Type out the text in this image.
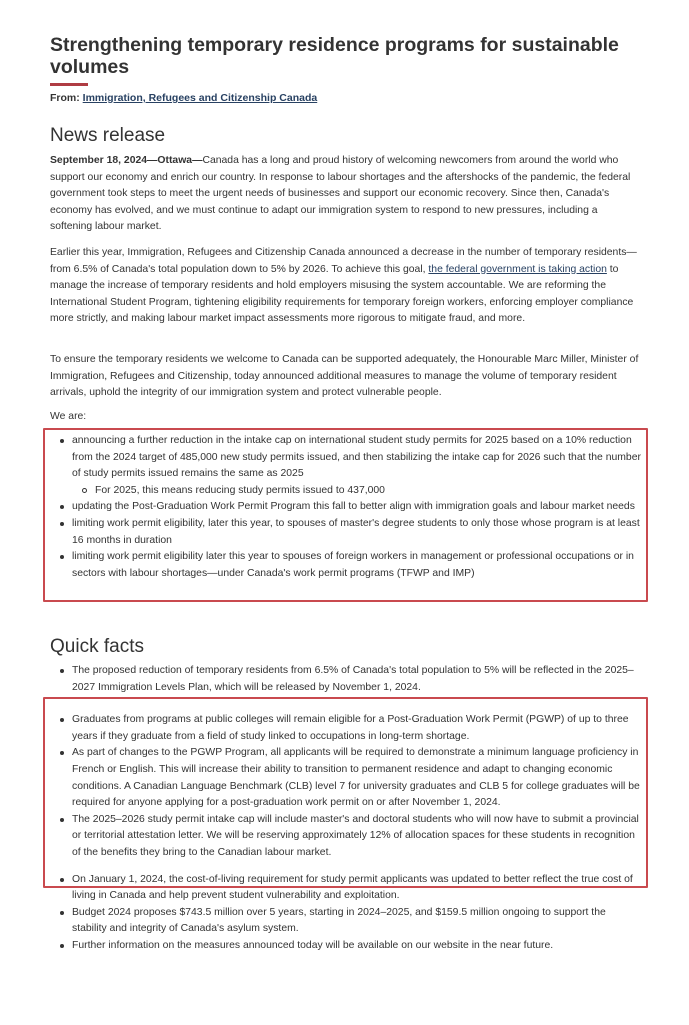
Strengthening temporary residence programs for sustainable volumes
From: Immigration, Refugees and Citizenship Canada
News release

September 18, 2024—Ottawa—Canada has a long and proud history of welcoming newcomers from around the world who support our economy and enrich our country. In response to labour shortages and the aftershocks of the pandemic, the federal government took steps to meet the urgent needs of businesses and support our economic recovery. Since then, Canada's economy has evolved, and we must continue to adapt our immigration system to respond to new pressures, including a softening labour market.

Earlier this year, Immigration, Refugees and Citizenship Canada announced a decrease in the number of temporary residents—from 6.5% of Canada's total population down to 5% by 2026. To achieve this goal, the federal government is taking action to manage the increase of temporary residents and hold employers misusing the system accountable. We are reforming the International Student Program, tightening eligibility requirements for temporary foreign workers, enforcing employer compliance more strictly, and making labour market impact assessments more rigorous to mitigate fraud, and more.

To ensure the temporary residents we welcome to Canada can be supported adequately, the Honourable Marc Miller, Minister of Immigration, Refugees and Citizenship, today announced additional measures to manage the volume of temporary resident arrivals, uphold the integrity of our immigration system and protect vulnerable people.

We are:

announcing a further reduction in the intake cap on international student study permits for 2025 based on a 10% reduction from the 2024 target of 485,000 new study permits issued, and then stabilizing the intake cap for 2026 such that the number of study permits issued remains the same as 2025
For 2025, this means reducing study permits issued to 437,000
updating the Post-Graduation Work Permit Program this fall to better align with immigration goals and labour market needs
limiting work permit eligibility, later this year, to spouses of master's degree students to only those whose program is at least 16 months in duration
limiting work permit eligibility later this year to spouses of foreign workers in management or professional occupations or in sectors with labour shortages—under Canada's work permit programs (TFWP and IMP)
Quick facts
The proposed reduction of temporary residents from 6.5% of Canada's total population to 5% will be reflected in the 2025–2027 Immigration Levels Plan, which will be released by November 1, 2024.
Graduates from programs at public colleges will remain eligible for a Post-Graduation Work Permit (PGWP) of up to three years if they graduate from a field of study linked to occupations in long-term shortage.
As part of changes to the PGWP Program, all applicants will be required to demonstrate a minimum language proficiency in French or English. This will increase their ability to transition to permanent residence and adapt to changing economic conditions. A Canadian Language Benchmark (CLB) level 7 for university graduates and CLB 5 for college graduates will be required for anyone applying for a post-graduation work permit on or after November 1, 2024.
The 2025–2026 study permit intake cap will include master's and doctoral students who will now have to submit a provincial or territorial attestation letter. We will be reserving approximately 12% of allocation spaces for these students in recognition of the benefits they bring to the Canadian labour market.
On January 1, 2024, the cost-of-living requirement for study permit applicants was updated to better reflect the true cost of living in Canada and help prevent student vulnerability and exploitation.
Budget 2024 proposes $743.5 million over 5 years, starting in 2024–2025, and $159.5 million ongoing to support the stability and integrity of Canada's asylum system.
Further information on the measures announced today will be available on our website in the near future.
